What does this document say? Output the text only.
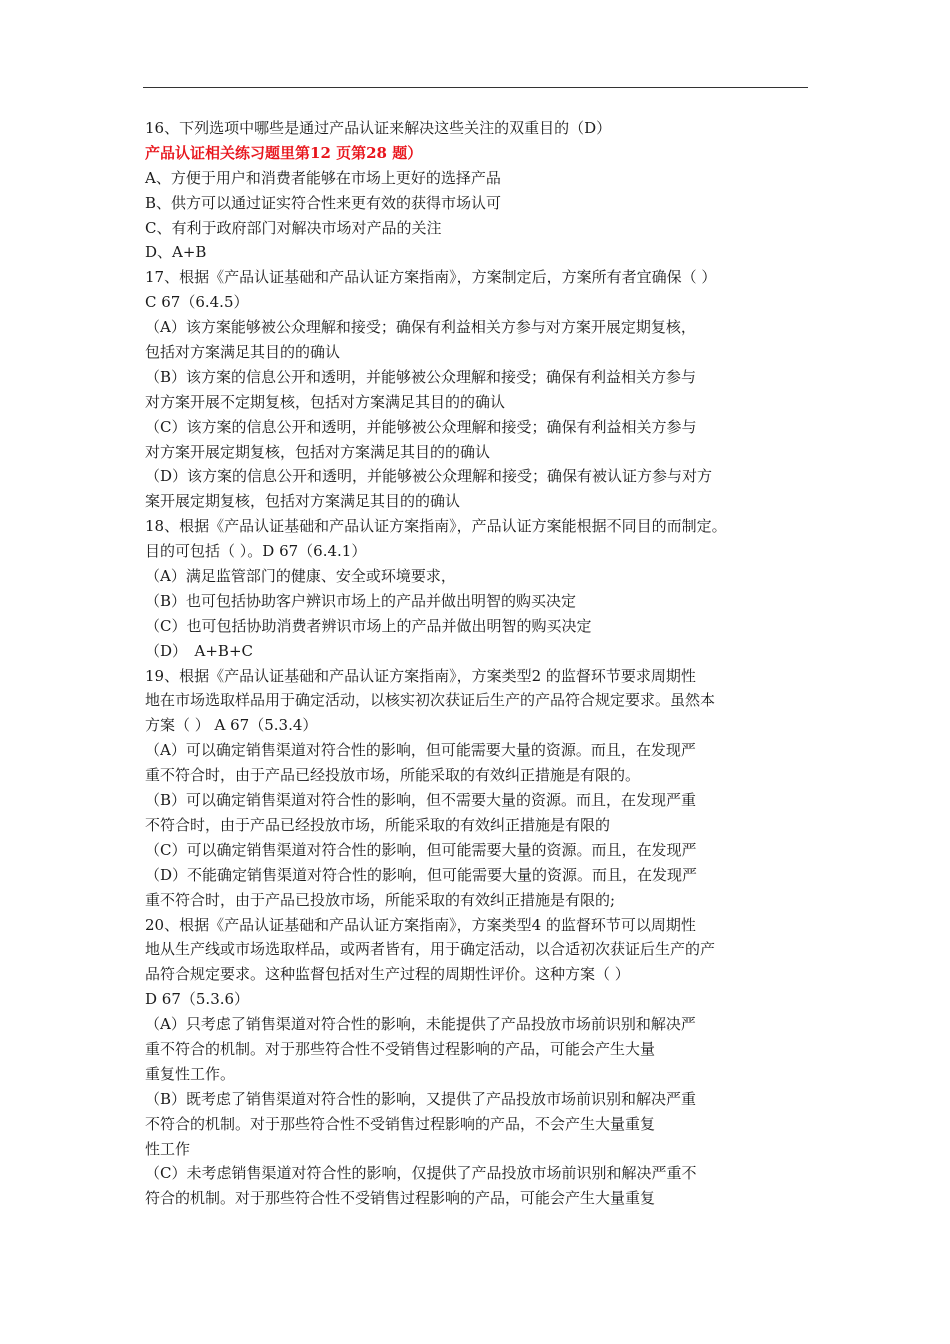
16、下列选项中哪些是通过产品认证来解决这些关注的双重目的（D）
产品认证相关练习题里第12 页第28 题）
A、方便于用户和消费者能够在市场上更好的选择产品
B、供方可以通过证实符合性来更有效的获得市场认可
C、有利于政府部门对解决市场对产品的关注
D、A+B
17、根据《产品认证基础和产品认证方案指南》，方案制定后，方案所有者宜确保（ ）
C 67（6.4.5）
（A）该方案能够被公众理解和接受；确保有利益相关方参与对方案开展定期复核，
包括对方案满足其目的的确认
（B）该方案的信息公开和透明，并能够被公众理解和接受；确保有利益相关方参与
对方案开展不定期复核，包括对方案满足其目的的确认
（C）该方案的信息公开和透明，并能够被公众理解和接受；确保有利益相关方参与
对方案开展定期复核，包括对方案满足其目的的确认
（D）该方案的信息公开和透明，并能够被公众理解和接受；确保有被认证方参与对方
案开展定期复核，包括对方案满足其目的的确认
18、根据《产品认证基础和产品认证方案指南》，产品认证方案能根据不同目的而制定。
目的可包括（ ）。D 67（6.4.1）
（A）满足监管部门的健康、安全或环境要求，
（B）也可包括协助客户辨识市场上的产品并做出明智的购买决定
（C）也可包括协助消费者辨识市场上的产品并做出明智的购买决定
（D）　A+B+C
19、根据《产品认证基础和产品认证方案指南》，方案类型2 的监督环节要求周期性
地在市场选取样品用于确定活动，以核实初次获证后生产的产品符合规定要求。虽然本
方案（ ） A 67（5.3.4）
（A）可以确定销售渠道对符合性的影响，但可能需要大量的资源。而且，在发现严
重不符合时，由于产品已经投放市场，所能采取的有效纠正措施是有限的。
（B）可以确定销售渠道对符合性的影响，但不需要大量的资源。而且，在发现严重
不符合时，由于产品已经投放市场，所能采取的有效纠正措施是有限的
（C）可以确定销售渠道对符合性的影响，但可能需要大量的资源。而且，在发现严
（D）不能确定销售渠道对符合性的影响，但可能需要大量的资源。而且，在发现严
重不符合时，由于产品已投放市场，所能采取的有效纠正措施是有限的;
20、根据《产品认证基础和产品认证方案指南》，方案类型4 的监督环节可以周期性
地从生产线或市场选取样品，或两者皆有，用于确定活动，以合适初次获证后生产的产
品符合规定要求。这种监督包括对生产过程的周期性评价。这种方案（ ）
D 67（5.3.6）
（A）只考虑了销售渠道对符合性的影响，未能提供了产品投放市场前识别和解决严
重不符合的机制。对于那些符合性不受销售过程影响的产品，可能会产生大量
重复性工作。
（B）既考虑了销售渠道对符合性的影响，又提供了产品投放市场前识别和解决严重
不符合的机制。对于那些符合性不受销售过程影响的产品，不会产生大量重复
性工作
（C）未考虑销售渠道对符合性的影响，仅提供了产品投放市场前识别和解决严重不
符合的机制。对于那些符合性不受销售过程影响的产品，可能会产生大量重复
